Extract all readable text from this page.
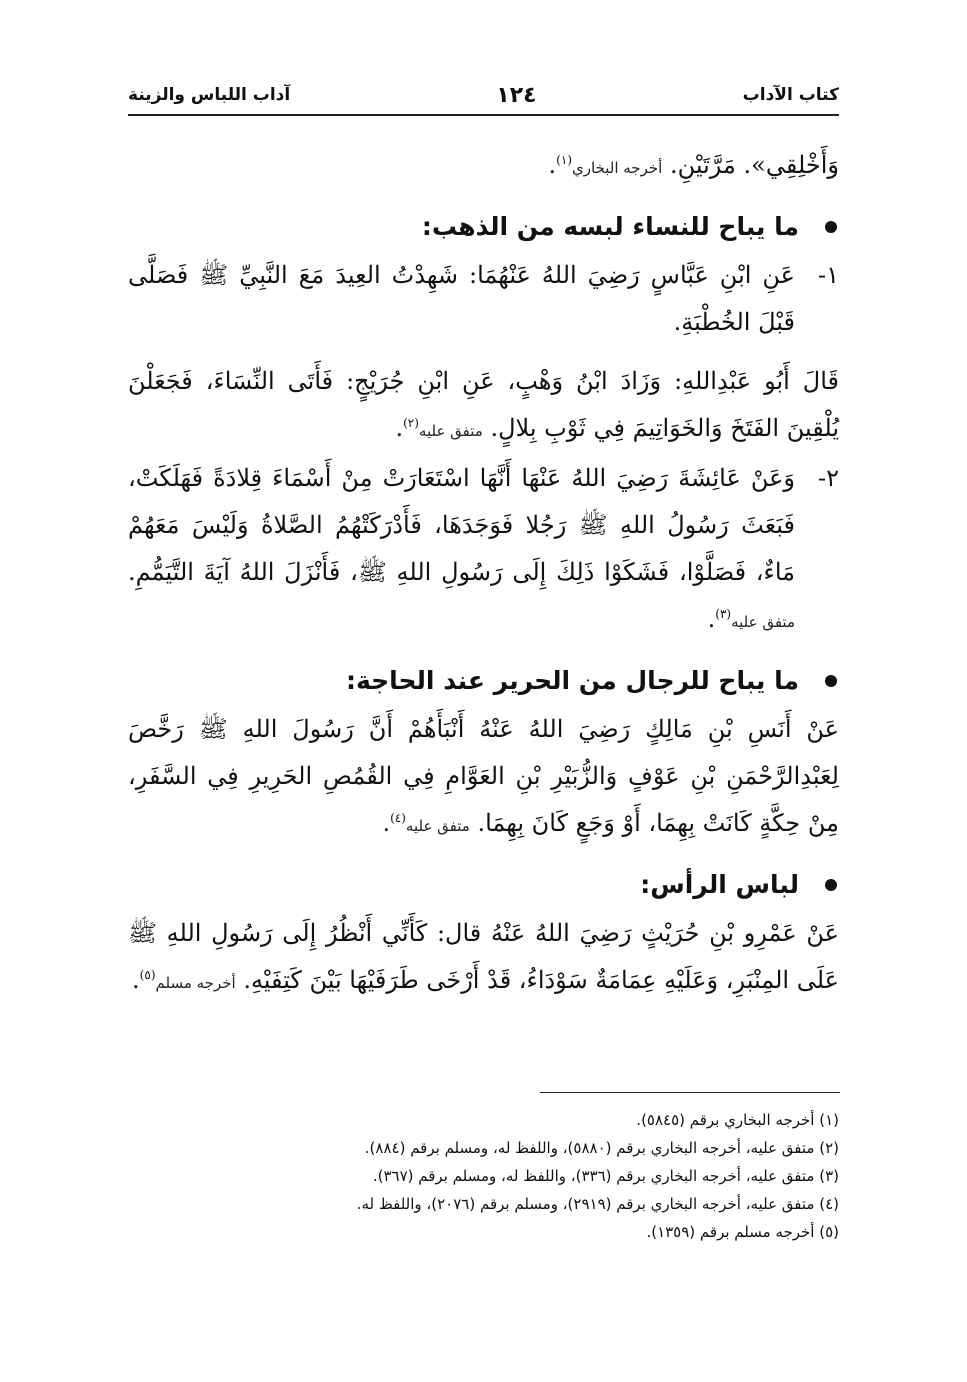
كتاب الآداب
١٢٤
آداب اللباس والزينة

وَأَخْلِقِي». مَرَّتَيْنِ. أخرجه البخاري$^{(١)}$.

ما يباح للنساء لبسه من الذهب:
١-
عَنِ ابْنِ عَبَّاسٍ رَضِيَ اللهُ عَنْهُمَا: شَهِدْتُ العِيدَ مَعَ النَّبِيِّ ﷺ فَصَلَّى قَبْلَ الخُطْبَةِ.

قَالَ أَبُو عَبْدِاللهِ: وَزَادَ ابْنُ وَهْبٍ، عَنِ ابْنِ جُرَيْجٍ: فَأَتَى النِّسَاءَ، فَجَعَلْنَ يُلْقِينَ الفَتَخَ وَالخَوَاتِيمَ فِي ثَوْبِ بِلالٍ. متفق عليه$^{(٢)}$.

٢-
وَعَنْ عَائِشَةَ رَضِيَ اللهُ عَنْهَا أَنَّهَا اسْتَعَارَتْ مِنْ أَسْمَاءَ قِلادَةً فَهَلَكَتْ، فَبَعَثَ رَسُولُ اللهِ ﷺ رَجُلا فَوَجَدَهَا، فَأَدْرَكَتْهُمُ الصَّلاةُ وَلَيْسَ مَعَهُمْ مَاءٌ، فَصَلَّوْا، فَشَكَوْا ذَلِكَ إِلَى رَسُولِ اللهِ ﷺ، فَأَنْزَلَ اللهُ آيَةَ التَّيَمُّمِ. متفق عليه$^{(٣)}$.
ما يباح للرجال من الحرير عند الحاجة:

عَنْ أَنَسِ بْنِ مَالِكٍ رَضِيَ اللهُ عَنْهُ أَنْبَأَهُمْ أَنَّ رَسُولَ اللهِ ﷺ رَخَّصَ لِعَبْدِالرَّحْمَنِ بْنِ عَوْفٍ وَالزُّبَيْرِ بْنِ العَوَّامِ فِي القُمُصِ الحَرِيرِ فِي السَّفَرِ، مِنْ حِكَّةٍ كَانَتْ بِهِمَا، أَوْ وَجَعٍ كَانَ بِهِمَا. متفق عليه$^{(٤)}$.

لباس الرأس:

عَنْ عَمْرِو بْنِ حُرَيْثٍ رَضِيَ اللهُ عَنْهُ قال: كَأَنِّي أَنْظُرُ إِلَى رَسُولِ اللهِ ﷺ عَلَى المِنْبَرِ، وَعَلَيْهِ عِمَامَةٌ سَوْدَاءُ، قَدْ أَرْخَى طَرَفَيْهَا بَيْنَ كَتِفَيْهِ. أخرجه مسلم$^{(٥)}$.

(١) أخرجه البخاري برقم (٥٨٤٥).
(٢) متفق عليه، أخرجه البخاري برقم (٥٨٨٠)، واللفظ له، ومسلم برقم (٨٨٤).
(٣) متفق عليه، أخرجه البخاري برقم (٣٣٦)، واللفظ له، ومسلم برقم (٣٦٧).
(٤) متفق عليه، أخرجه البخاري برقم (٢٩١٩)، ومسلم برقم (٢٠٧٦)، واللفظ له.
(٥) أخرجه مسلم برقم (١٣٥٩).
